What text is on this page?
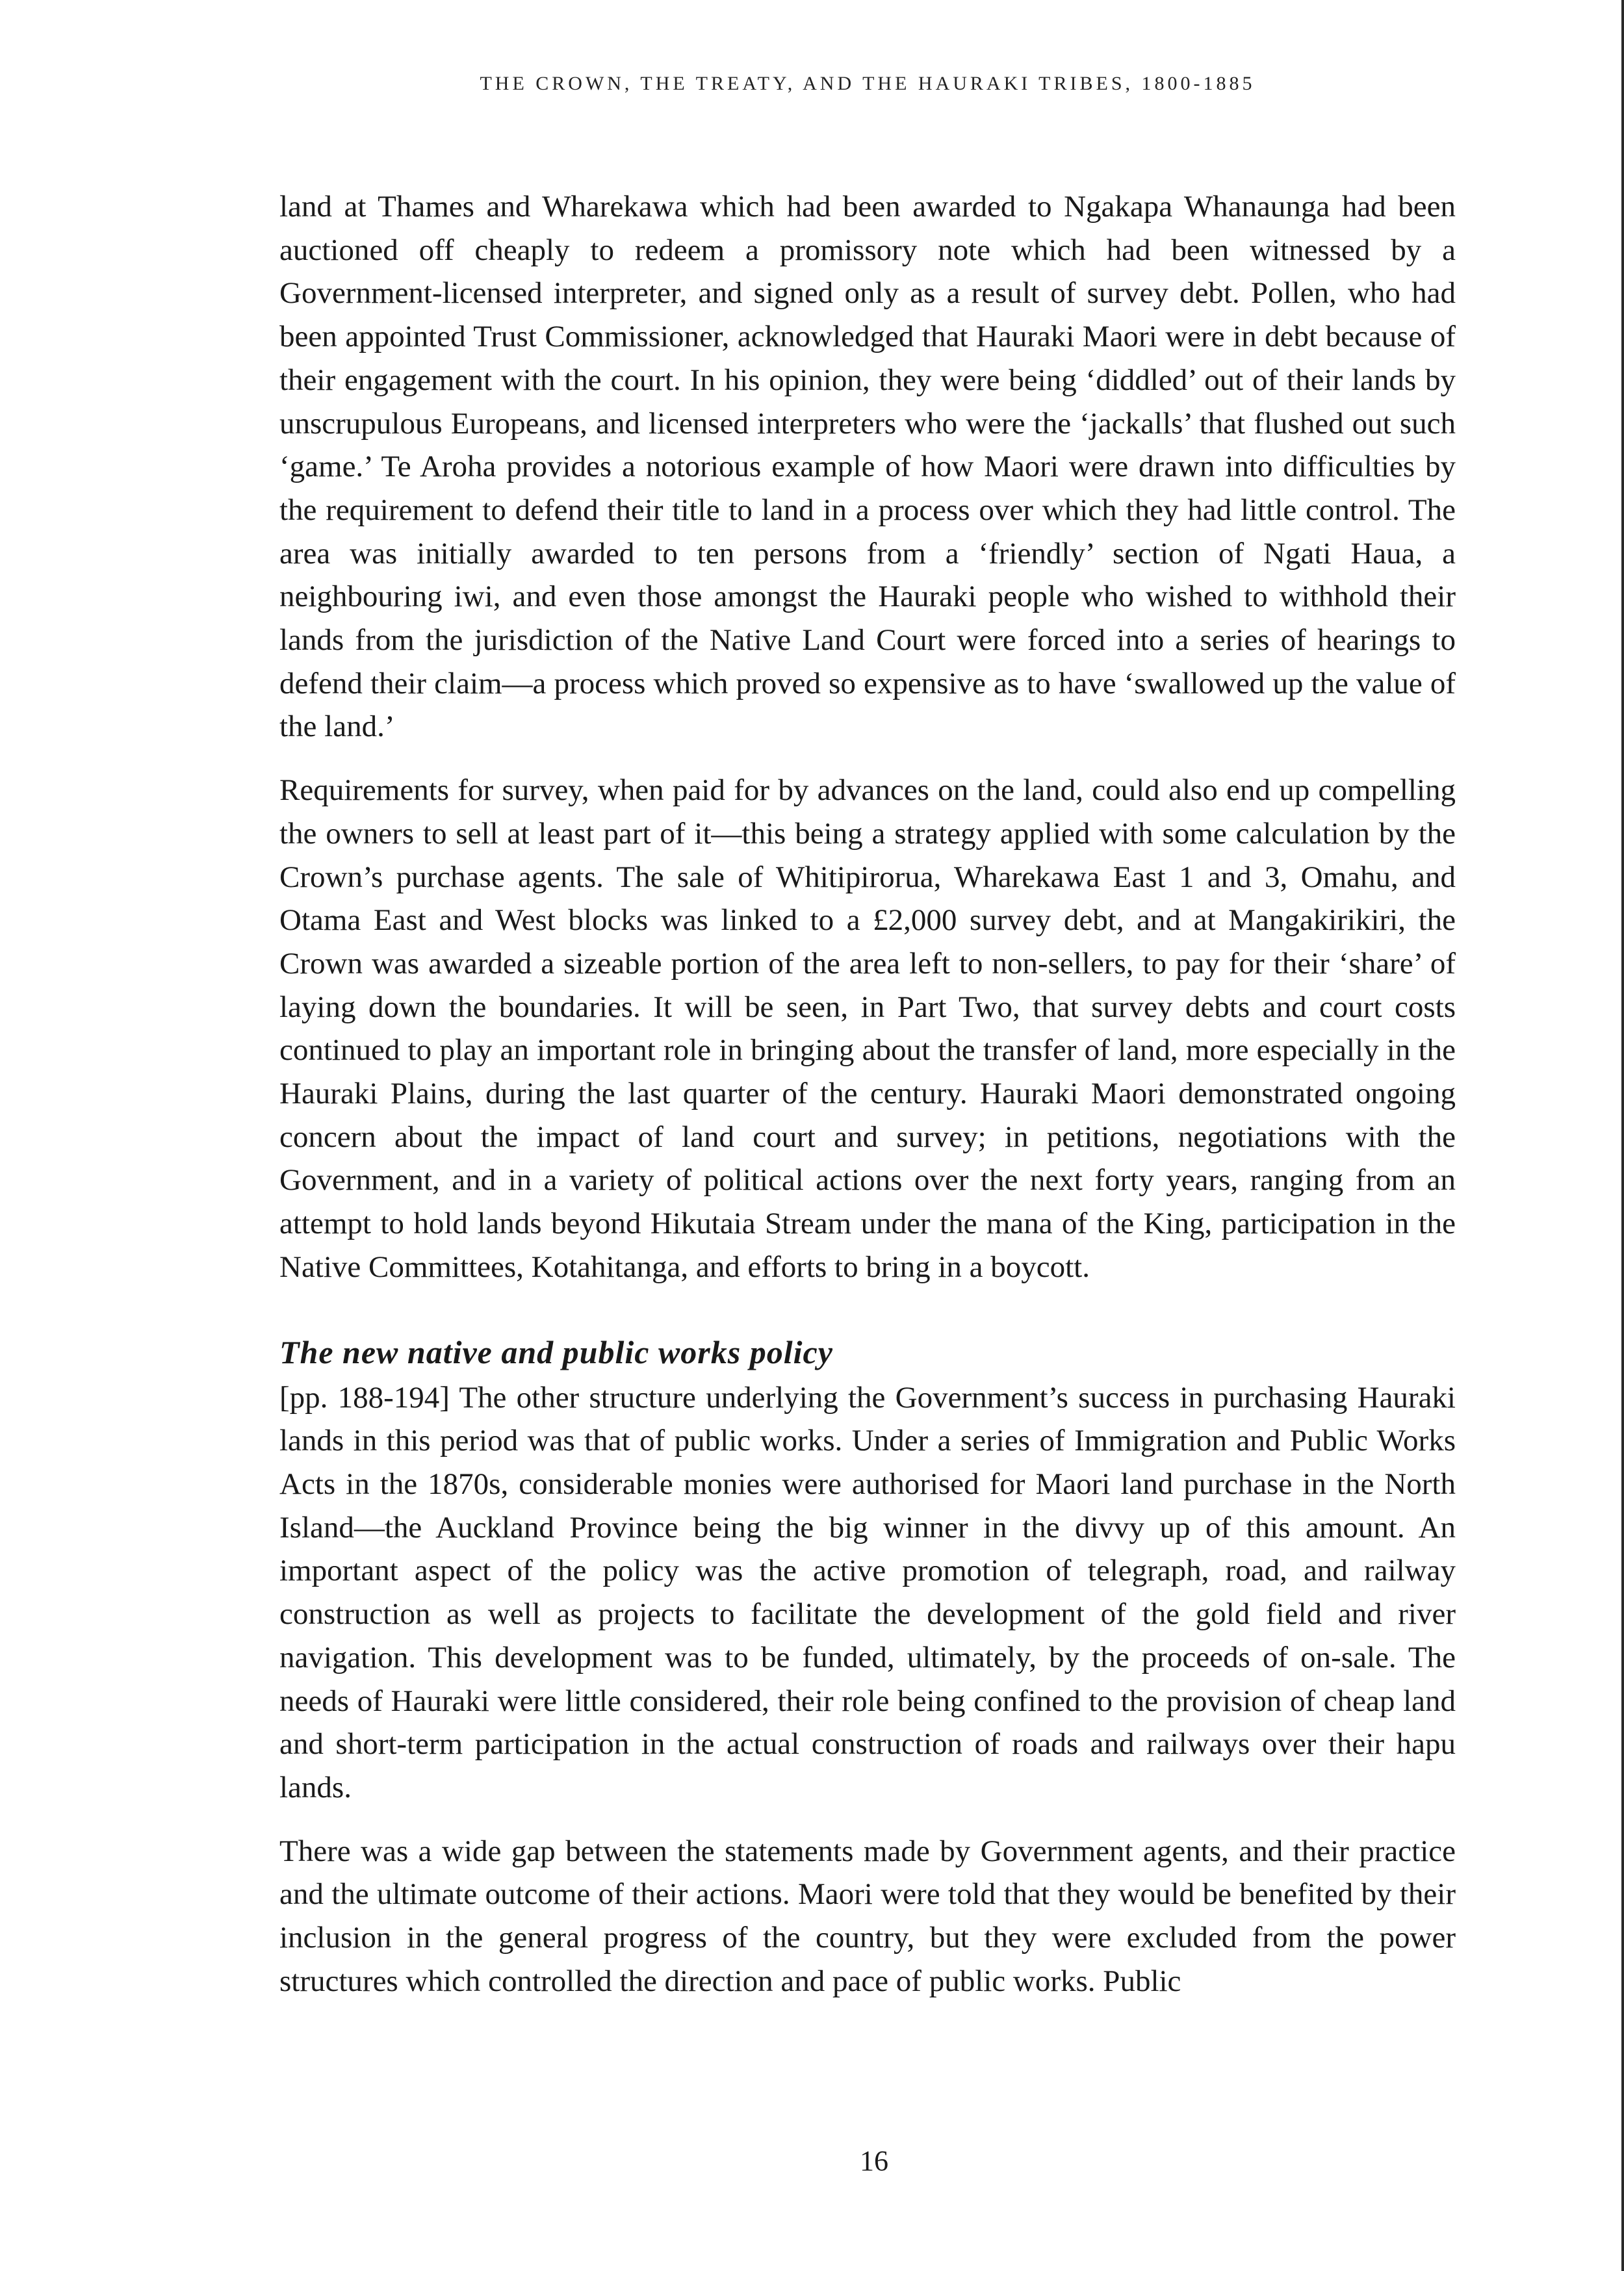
THE CROWN, THE TREATY, AND THE HAURAKI TRIBES, 1800-1885

land at Thames and Wharekawa which had been awarded to Ngakapa Whanaunga had been auctioned off cheaply to redeem a promissory note which had been witnessed by a Government-licensed interpreter, and signed only as a result of survey debt. Pollen, who had been appointed Trust Commissioner, acknowledged that Hauraki Maori were in debt because of their engagement with the court. In his opinion, they were being ‘diddled’ out of their lands by unscrupulous Europeans, and licensed interpreters who were the ‘jackalls’ that flushed out such ‘game.’ Te Aroha provides a notorious example of how Maori were drawn into difficulties by the requirement to defend their title to land in a process over which they had little control. The area was initially awarded to ten persons from a ‘friendly’ section of Ngati Haua, a neighbouring iwi, and even those amongst the Hauraki people who wished to withhold their lands from the jurisdiction of the Native Land Court were forced into a series of hearings to defend their claim—a process which proved so expensive as to have ‘swallowed up the value of the land.’

Requirements for survey, when paid for by advances on the land, could also end up compelling the owners to sell at least part of it—this being a strategy applied with some calculation by the Crown’s purchase agents. The sale of Whitipirorua, Wharekawa East 1 and 3, Omahu, and Otama East and West blocks was linked to a £2,000 survey debt, and at Mangakirikiri, the Crown was awarded a sizeable portion of the area left to non-sellers, to pay for their ‘share’ of laying down the boundaries. It will be seen, in Part Two, that survey debts and court costs continued to play an important role in bringing about the transfer of land, more especially in the Hauraki Plains, during the last quarter of the century. Hauraki Maori demonstrated ongoing concern about the impact of land court and survey; in petitions, negotiations with the Government, and in a variety of political actions over the next forty years, ranging from an attempt to hold lands beyond Hikutaia Stream under the mana of the King, participation in the Native Committees, Kotahitanga, and efforts to bring in a boycott.

The new native and public works policy

[pp. 188-194] The other structure underlying the Government’s success in purchasing Hauraki lands in this period was that of public works. Under a series of Immigration and Public Works Acts in the 1870s, considerable monies were authorised for Maori land purchase in the North Island—the Auckland Province being the big winner in the divvy up of this amount. An important aspect of the policy was the active promotion of telegraph, road, and railway construction as well as projects to facilitate the development of the gold field and river navigation. This development was to be funded, ultimately, by the proceeds of on-sale. The needs of Hauraki were little considered, their role being confined to the provision of cheap land and short-term participation in the actual construction of roads and railways over their hapu lands.

There was a wide gap between the statements made by Government agents, and their practice and the ultimate outcome of their actions. Maori were told that they would be benefited by their inclusion in the general progress of the country, but they were excluded from the power structures which controlled the direction and pace of public works. Public

16
